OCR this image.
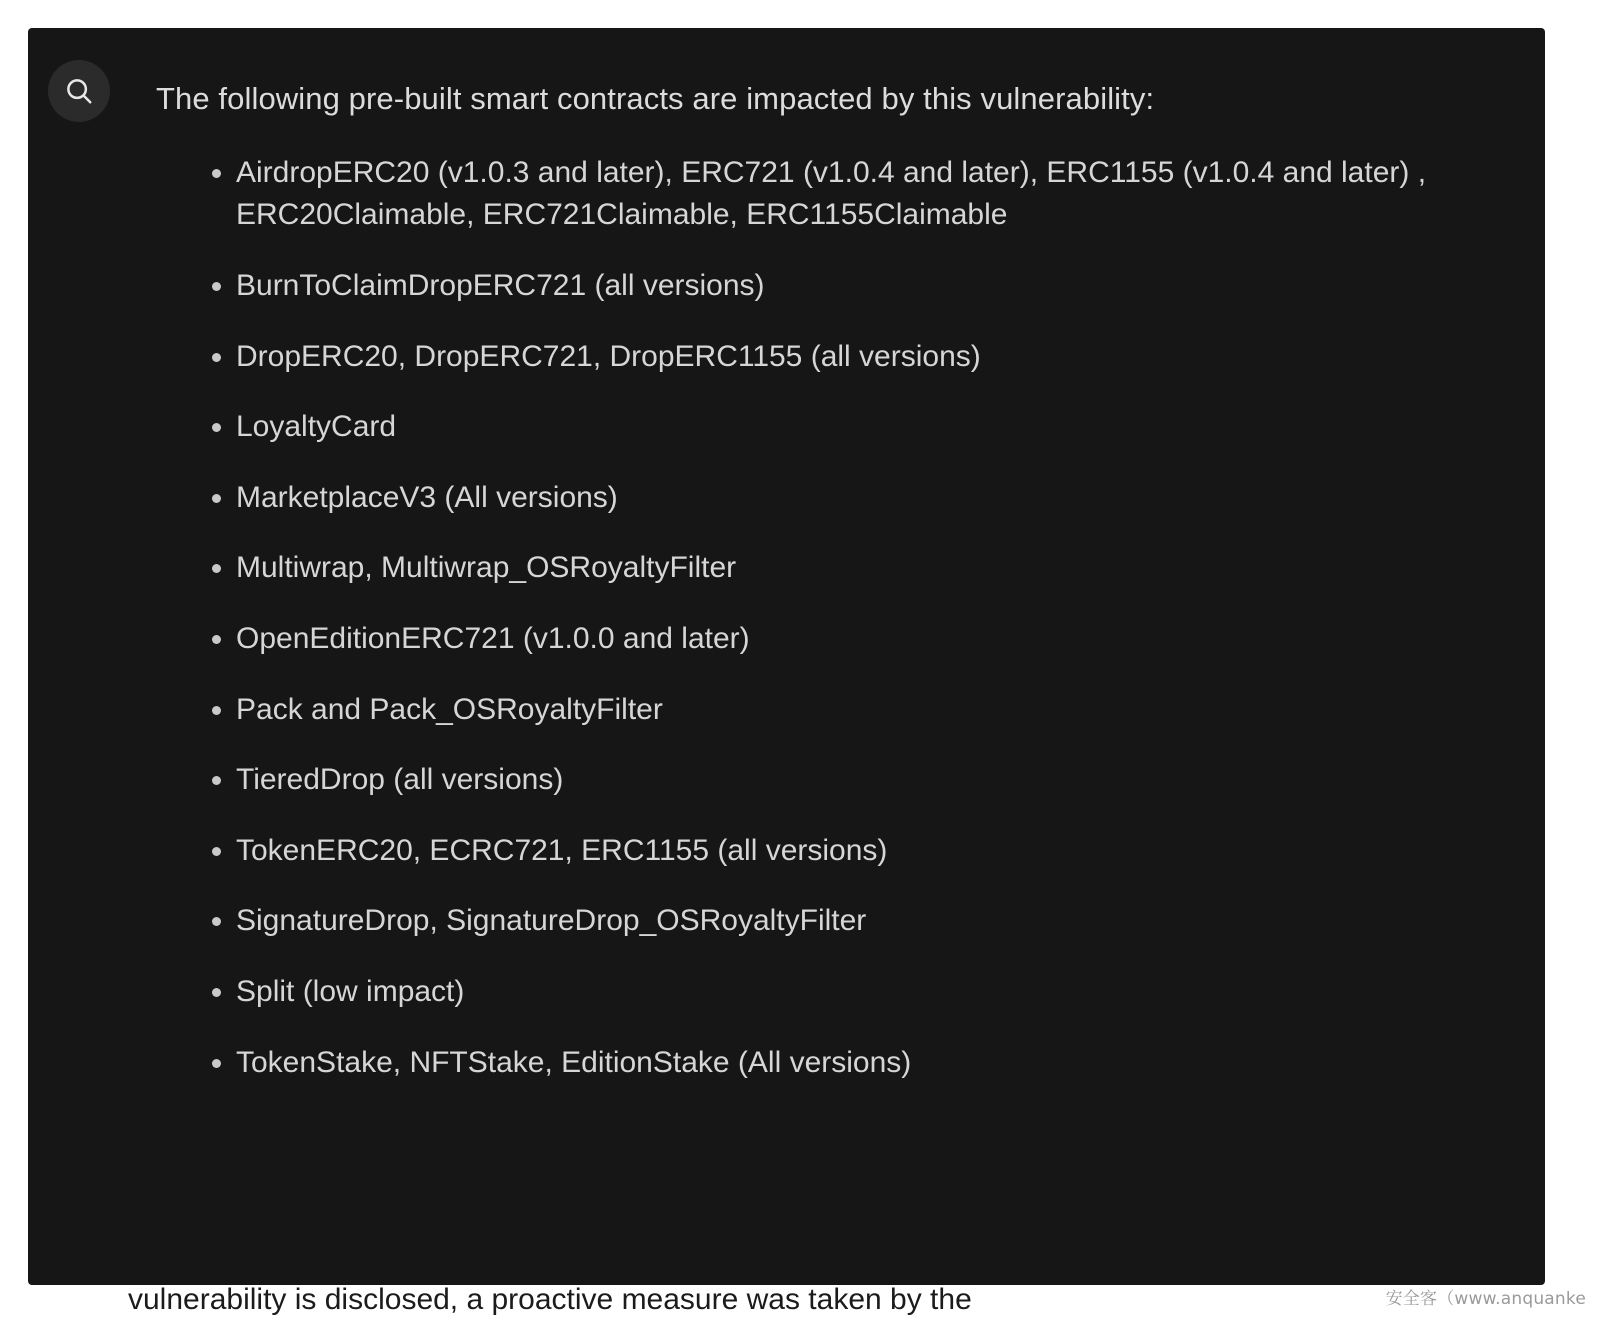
The following pre-built smart contracts are impacted by this vulnerability:

AirdropERC20 (v1.0.3 and later), ERC721 (v1.0.4 and later), ERC1155 (v1.0.4 and later) , ERC20Claimable, ERC721Claimable, ERC1155Claimable
BurnToClaimDropERC721 (all versions)
DropERC20, DropERC721, DropERC1155 (all versions)
LoyaltyCard
MarketplaceV3 (All versions)
Multiwrap, Multiwrap_OSRoyaltyFilter
OpenEditionERC721 (v1.0.0 and later)
Pack and Pack_OSRoyaltyFilter
TieredDrop (all versions)
TokenERC20, ECRC721, ERC1155 (all versions)
SignatureDrop, SignatureDrop_OSRoyaltyFilter
Split (low impact)
TokenStake, NFTStake, EditionStake (All versions)
vulnerability is disclosed, a proactive measure was taken by the	安全客（www.anquanke
